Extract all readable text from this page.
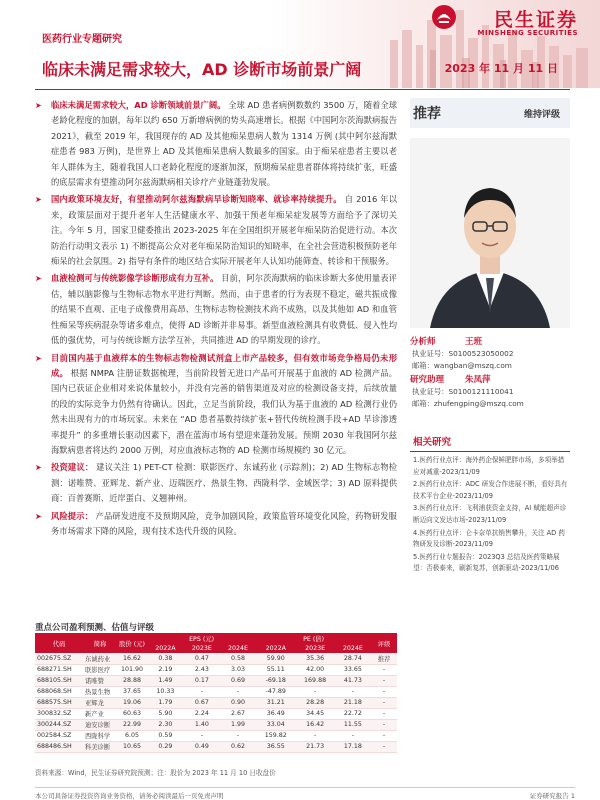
民生证券
MINSHENG SECURITIES
医药行业专题研究
临床未满足需求较大，AD 诊断市场前景广阔	2023 年 11 月 11 日
➤ 临床未满足需求较大，AD 诊断领域前景广阔。 全球 AD 患者病例数数约 3500 万，随着全球老龄化程度的加剧，每年以约 650 万新增病例的势头高速增长。根据《中国阿尔茨海默病报告 2021》，截至 2019 年，我国现存的 AD 及其他痴呆患病人数为 1314 万例 (其中阿尔兹海默症患者 983 万例)，是世界上 AD 及其他痴呆患病人数最多的国家。由于痴呆症患者主要以老年人群体为主，随着我国人口老龄化程度的逐渐加深，预期痴呆症患者群体将持续扩张，旺盛的底层需求有望推动阿尔兹海默病相关诊疗产业链蓬勃发展。
➤ 国内政策环境友好，有望推动阿尔兹海默病早诊断知晓率、就诊率持续提升。 自 2016 年以来，政策层面对于提升老年人生活健康水平、加强干预老年痴呆症发展等方面给予了深切关注。今年 5 月，国家卫健委推出 2023-2025 年在全国组织开展老年痴呆防治促进行动。本次防治行动明文表示 1) 不断提高公众对老年痴呆防治知识的知晓率，在全社会营造积极预防老年痴呆的社会氛围。2) 指导有条件的地区结合实际开展老年人认知功能筛查、转诊和干预服务。
➤ 血液检测可与传统影像学诊断形成有力互补。 目前，阿尔茨海默病的临床诊断大多使用量表评估，辅以脑影像与生物标志物水平进行判断。然而，由于患者的行为表现不稳定，磁共振成像的结果不直观、正电子成像费用高昂、生物标志物检测技术尚不成熟，以及其他如 AD 和血管性痴呆等疾病混杂等诸多难点，使得 AD 诊断并非易事。新型血液检测具有收费低、侵入性均低的强优势，可与传统诊断方法学互补，共同推进 AD 的早期发现的诊疗。
➤ 目前国内基于血液样本的生物标志物检测试剂盒上市产品较多，但有效市场竞争格局仍未形成。 根据 NMPA 注册证数据梳理，当前阶段暂无进口产品可开展基于血液的 AD 检测产品。国内已获证企业相对来说体量较小，并没有完善的销售渠道及对应的检测设备支持，后续放量的段的实际竞争力仍然有待确认。因此，立足当前阶段，我们认为基于血液的 AD 检测行业仍然未出现有力的市场玩家。未来在 “AD 患者基数持续扩张+替代传统检测手段+AD 早诊渗透率提升” 的多重增长驱动因素下，潜在蓝海市场有望迎来蓬勃发展。预期 2030 年我国阿尔兹海默病患者将达约 2000 万例，对应血液标志物的 AD 检测市场规模约 30 亿元。
➤ 投资建议： 建议关注 1) PET-CT 检测：联影医疗、东诚药业 (示踪剂)；2) AD 生物标志物检测：诺唯赞、亚辉龙、新产业、迈瑞医疗、热景生物、西陇科学、金域医学；3) AD 原料提供商：百普赛斯、近岸蛋白、义翘神州。
➤ 风险提示： 产品研发进度不及预期风险，竞争加剧风险，政策监管环境变化风险，药物研发服务市场需求下降的风险，现有技术迭代升级的风险。
推荐	维持评级
分析师	王班
执业证号：S0100523050002
邮箱：wangban@mszq.com
研究助理	朱凤萍
执业证号：S0100121110041
邮箱：zhufengping@mszq.com
相关研究
1.医药行业点评：海外药企保鲜肥胖市场，多项举措应对减重-2023/11/09
2.医药行业点评：ADC 研发合作进展不断，看好具有技术平台企业-2023/11/09
3.医药行业点评：飞利浦获资金支持，AI 赋能超声诊断迈向文发达市场-2023/11/09
4.医药行业点评：仑卡奈单抗销售攀升，关注 AD 药物研发及诊断-2023/11/09
5.医药行业专题报告：2023Q3 总结及医药策略展望：否极泰来，刷新复苏，创新驱动-2023/11/06
重点公司盈利预测、估值与评级
代码	简称	股价 (元)	EPS (元)			PE (倍)			评级
			2022A	2023E	2024E	2022A	2023E	2024E	
002675.SZ	东诚药业	16.62	0.38	0.47	0.58	59.90	35.36	28.74	推荐
688271.SH	联影医疗	101.90	2.19	2.43	3.03	55.11	42.00	33.65	-
688105.SH	诺唯赞	28.88	1.49	0.17	0.69	-69.18	169.88	41.73	-
688068.SH	热景生物	37.65	10.33	-	-	-47.89	-	-	-
688575.SH	亚辉龙	19.06	1.79	0.67	0.90	31.21	28.28	21.18	-
300832.SZ	新产业	60.63	5.90	2.24	2.67	36.49	34.45	22.72	-
300244.SZ	迪安诊断	22.99	2.30	1.40	1.99	33.04	16.42	11.55	-
002584.SZ	西陇科学	6.05	0.59	-	-	159.82	-	-	-
688486.SH	科美诊断	10.65	0.29	0.49	0.62	36.55	21.73	17.18	-
资料来源：Wind，民生证券研究院预测；注：股价为 2023 年 11 月 10 日收盘价
本公司具备证券投资咨询业务资格，请务必阅读最后一页免责声明	证券研究报告 1
